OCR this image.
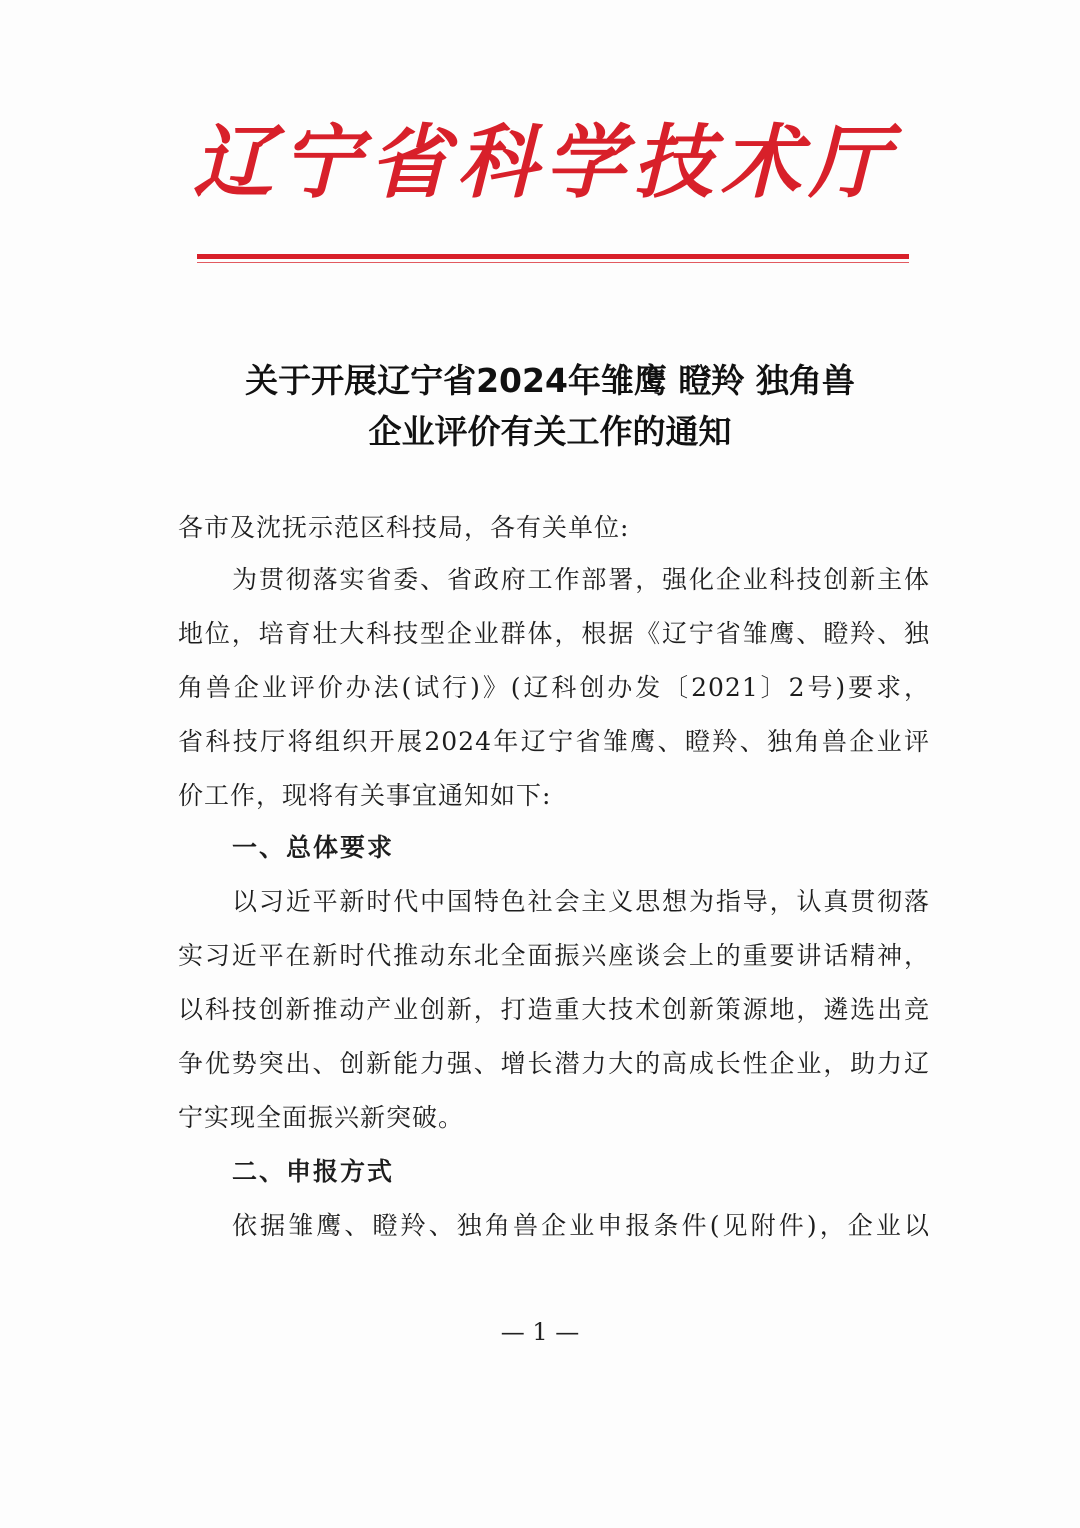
辽宁省科学技术厅
关于开展辽宁省2024年雏鹰 瞪羚 独角兽
企业评价有关工作的通知
各市及沈抚示范区科技局，各有关单位:
为贯彻落实省委、省政府工作部署，强化企业科技创新主体
地位，培育壮大科技型企业群体，根据《辽宁省雏鹰、瞪羚、独
角兽企业评价办法(试行)》(辽科创办发〔2021〕2号)要求，
省科技厅将组织开展2024年辽宁省雏鹰、瞪羚、独角兽企业评
价工作，现将有关事宜通知如下:
一、总体要求
以习近平新时代中国特色社会主义思想为指导，认真贯彻落
实习近平在新时代推动东北全面振兴座谈会上的重要讲话精神，
以科技创新推动产业创新，打造重大技术创新策源地，遴选出竞
争优势突出、创新能力强、增长潜力大的高成长性企业，助力辽
宁实现全面振兴新突破。
二、申报方式
依据雏鹰、瞪羚、独角兽企业申报条件(见附件)，企业以
— 1 —
